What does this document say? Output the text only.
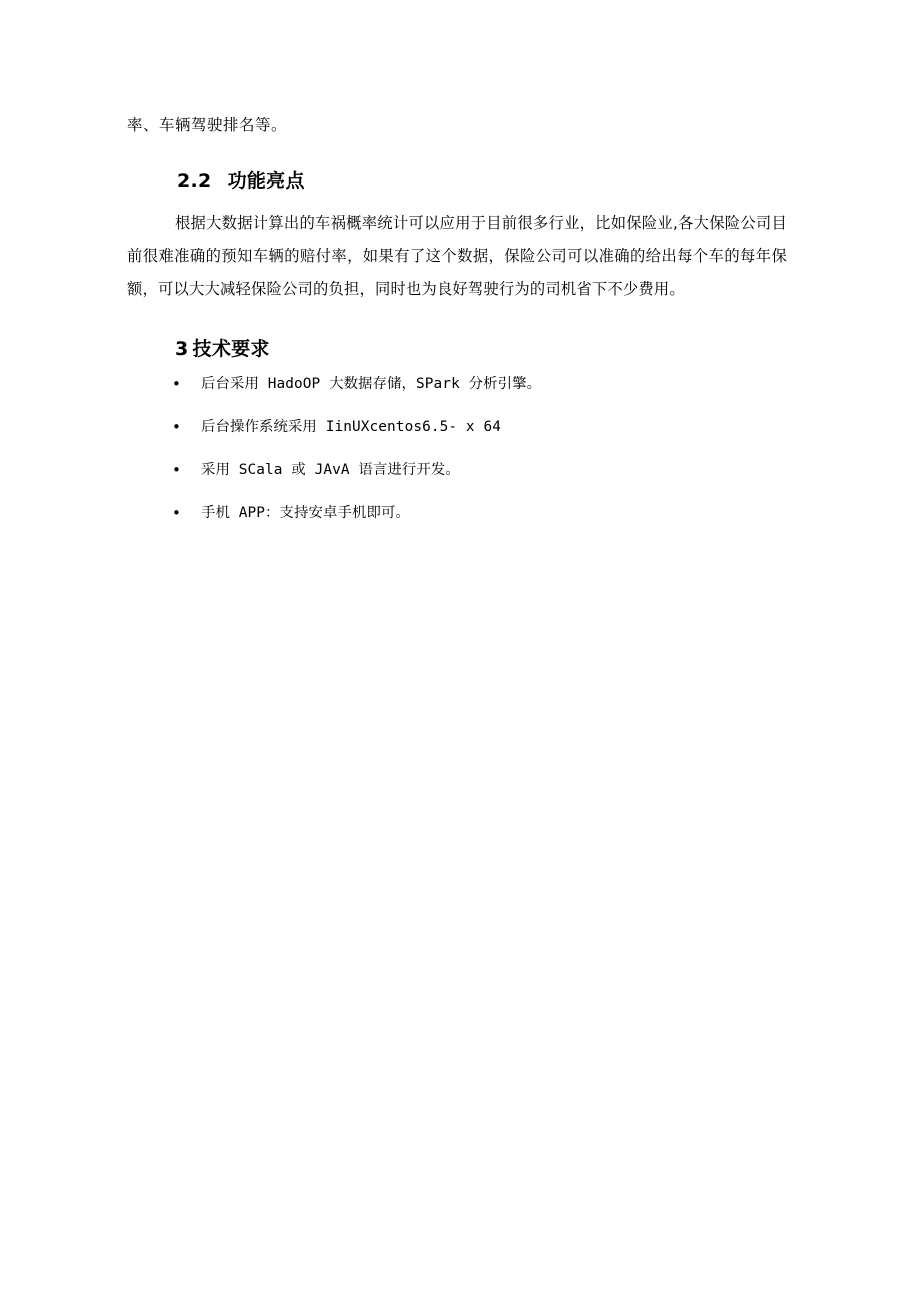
率、车辆驾驶排名等。

2.2 功能亮点

根据大数据计算出的车祸概率统计可以应用于目前很多行业，比如保险业,各大保险公司目前很难准确的预知车辆的赔付率，如果有了这个数据，保险公司可以准确的给出每个车的每年保额，可以大大减轻保险公司的负担，同时也为良好驾驶行为的司机省下不少费用。

3 技术要求
• 后台采用 HadoOP 大数据存储，SPark 分析引擎。
• 后台操作系统采用 IinUXcentos6.5- x 64
• 采用 SCala 或 JAvA 语言进行开发。
• 手机 APP：支持安卓手机即可。
